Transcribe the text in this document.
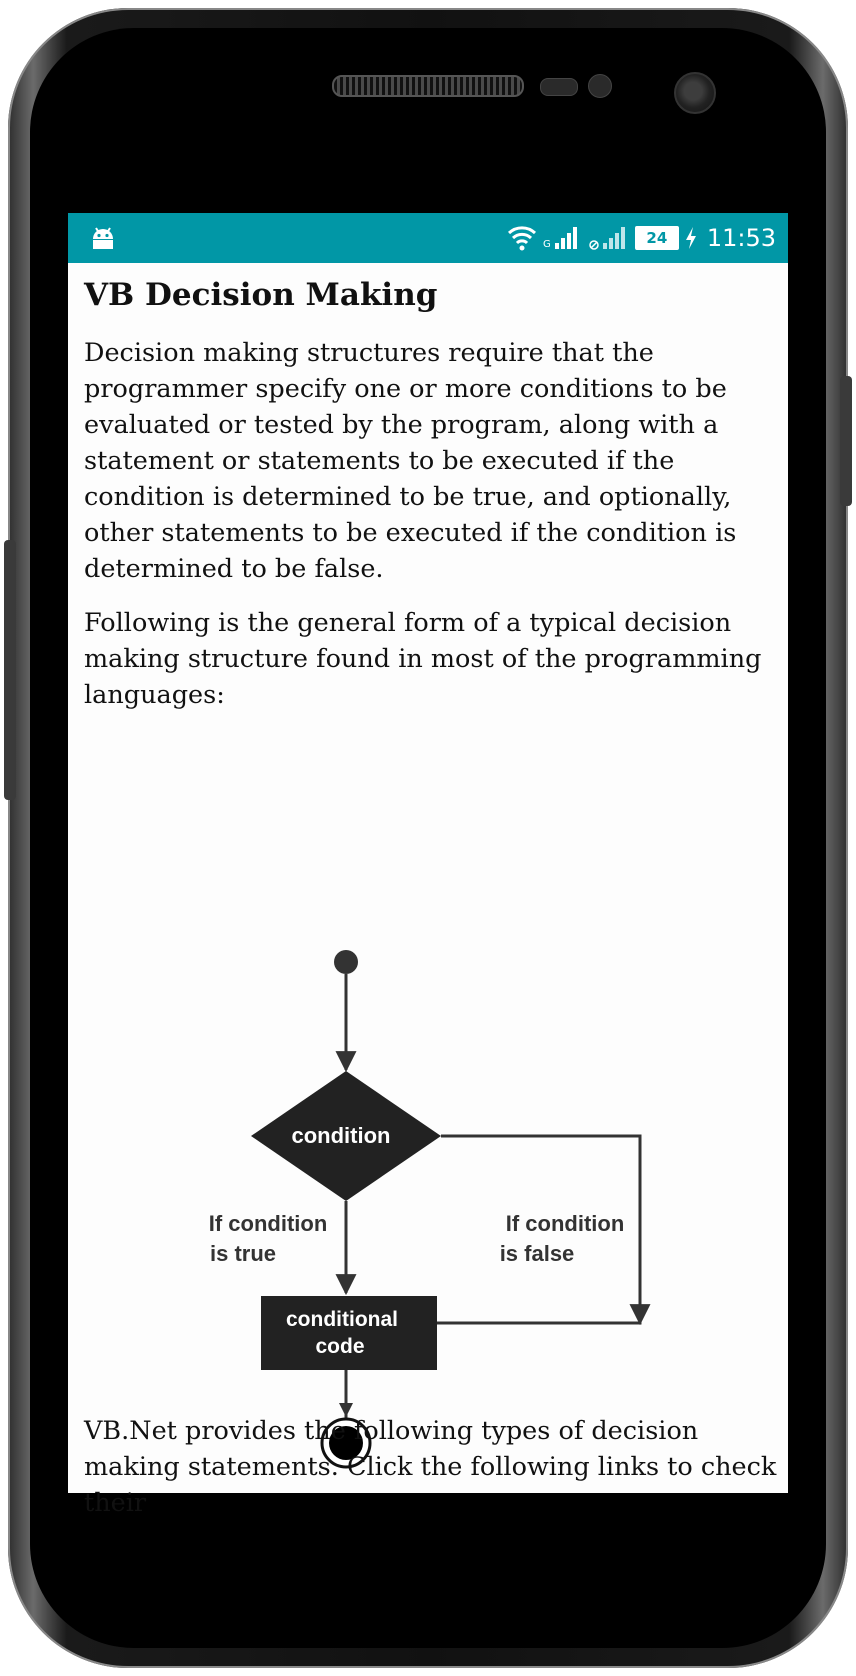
G	24	11:53
VB Decision Making

Decision making structures require that the programmer specify one or more conditions to be evaluated or tested by the program, along with a statement or statements to be executed if the condition is determined to be true, and optionally, other statements to be executed if the condition is determined to be false.

Following is the general form of a typical decision making structure found in most of the programming languages:

condition
If condition
is true
If condition
is false
conditional
code

VB.Net provides the following types of decision making statements. Click the following links to check their
